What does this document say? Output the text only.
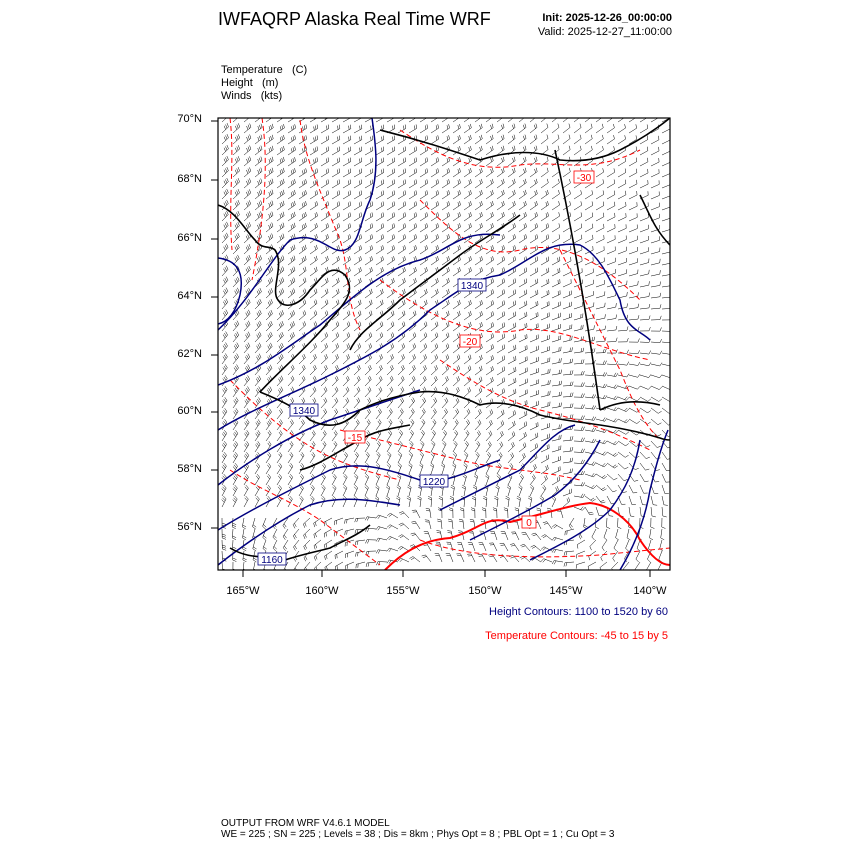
IWFAQRP Alaska Real Time WRF	Init: 2025-12-26_00:00:00
Valid: 2025-12-27_11:00:00
Temperature (C)
Height (m)
Winds (kts)
1340
1340
1220
1160
-30
-20
-15
0
70°N
68°N
66°N
64°N
62°N
60°N
58°N
56°N
165°W	160°W	155°W	150°W	145°W	140°W
Height Contours: 1100 to 1520 by 60
Temperature Contours: -45 to 15 by 5
OUTPUT FROM WRF V4.6.1 MODEL
WE = 225 ; SN = 225 ; Levels = 38 ; Dis = 8km ; Phys Opt = 8 ; PBL Opt = 1 ; Cu Opt = 3
